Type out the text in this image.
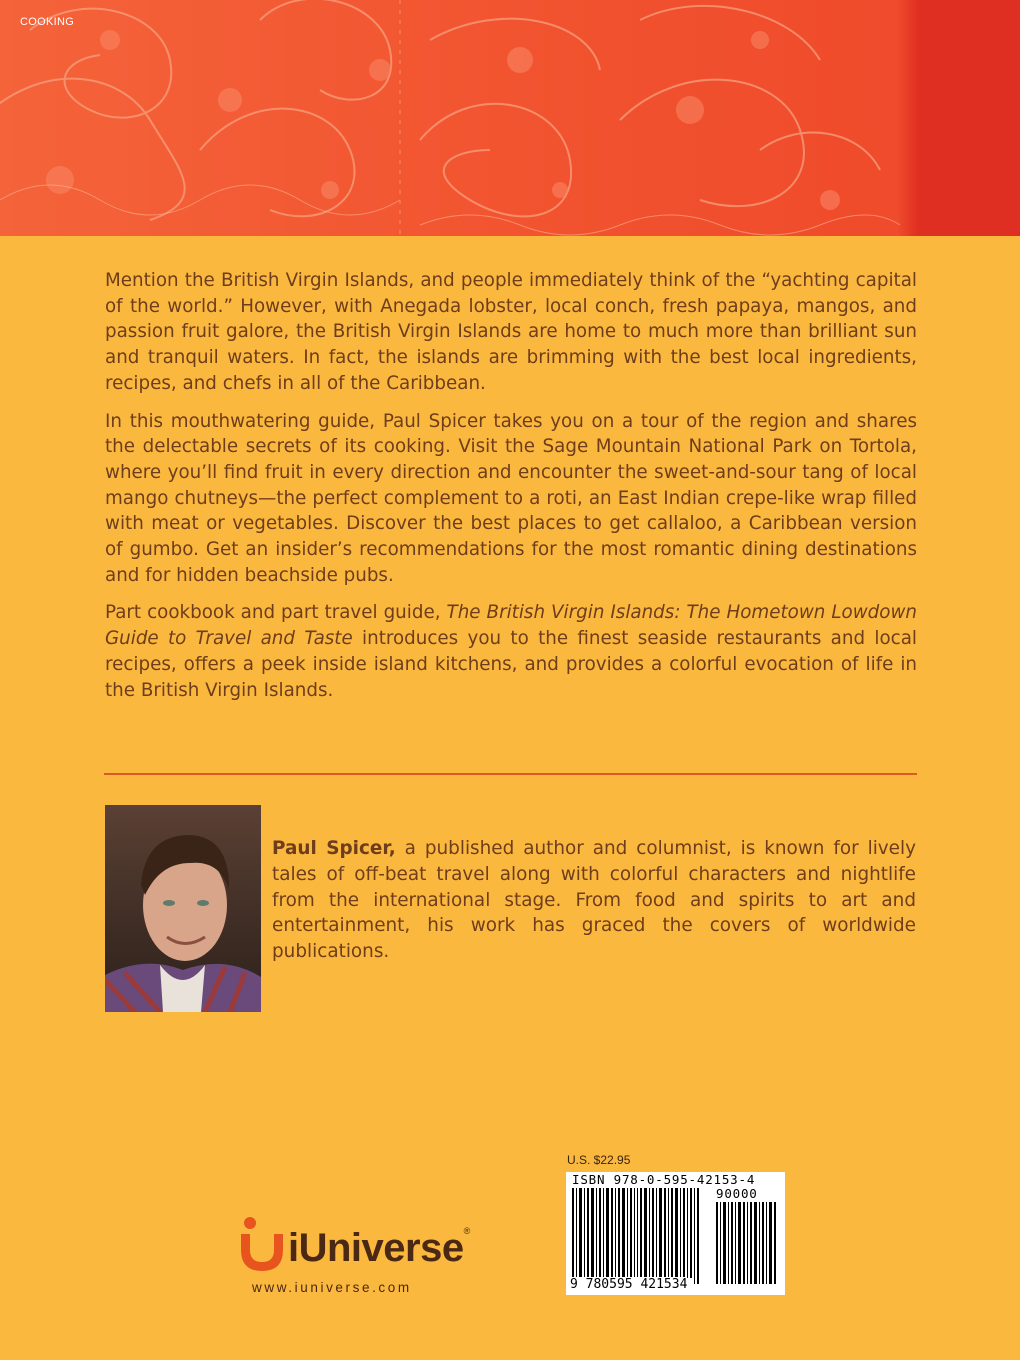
COOKING

Mention the British Virgin Islands, and people immediately think of the “yachting capital of the world.” However, with Anegada lobster, local conch, fresh papaya, mangos, and passion fruit galore, the British Virgin Islands are home to much more than brilliant sun and tranquil waters. In fact, the islands are brimming with the best local ingredients, recipes, and chefs in all of the Caribbean.

In this mouthwatering guide, Paul Spicer takes you on a tour of the region and shares the delectable secrets of its cooking. Visit the Sage Mountain National Park on Tortola, where you’ll find fruit in every direction and encounter the sweet-and-sour tang of local mango chutneys—the perfect complement to a roti, an East Indian crepe-like wrap filled with meat or vegetables. Discover the best places to get callaloo, a Caribbean version of gumbo. Get an insider’s recommendations for the most romantic dining destinations and for hidden beachside pubs.

Part cookbook and part travel guide, The British Virgin Islands: The Hometown Lowdown Guide to Travel and Taste introduces you to the finest seaside restaurants and local recipes, offers a peek inside island kitchens, and provides a colorful evocation of life in the British Virgin Islands.

Paul Spicer, a published author and columnist, is known for lively tales of off-beat travel along with colorful characters and nightlife from the international stage. From food and spirits to art and entertainment, his work has graced the covers of worldwide publications.
U.S. $22.95
ISBN 978-0-595-42153-4
90000
9 780595 421534
iUniverse®
www.iuniverse.com
